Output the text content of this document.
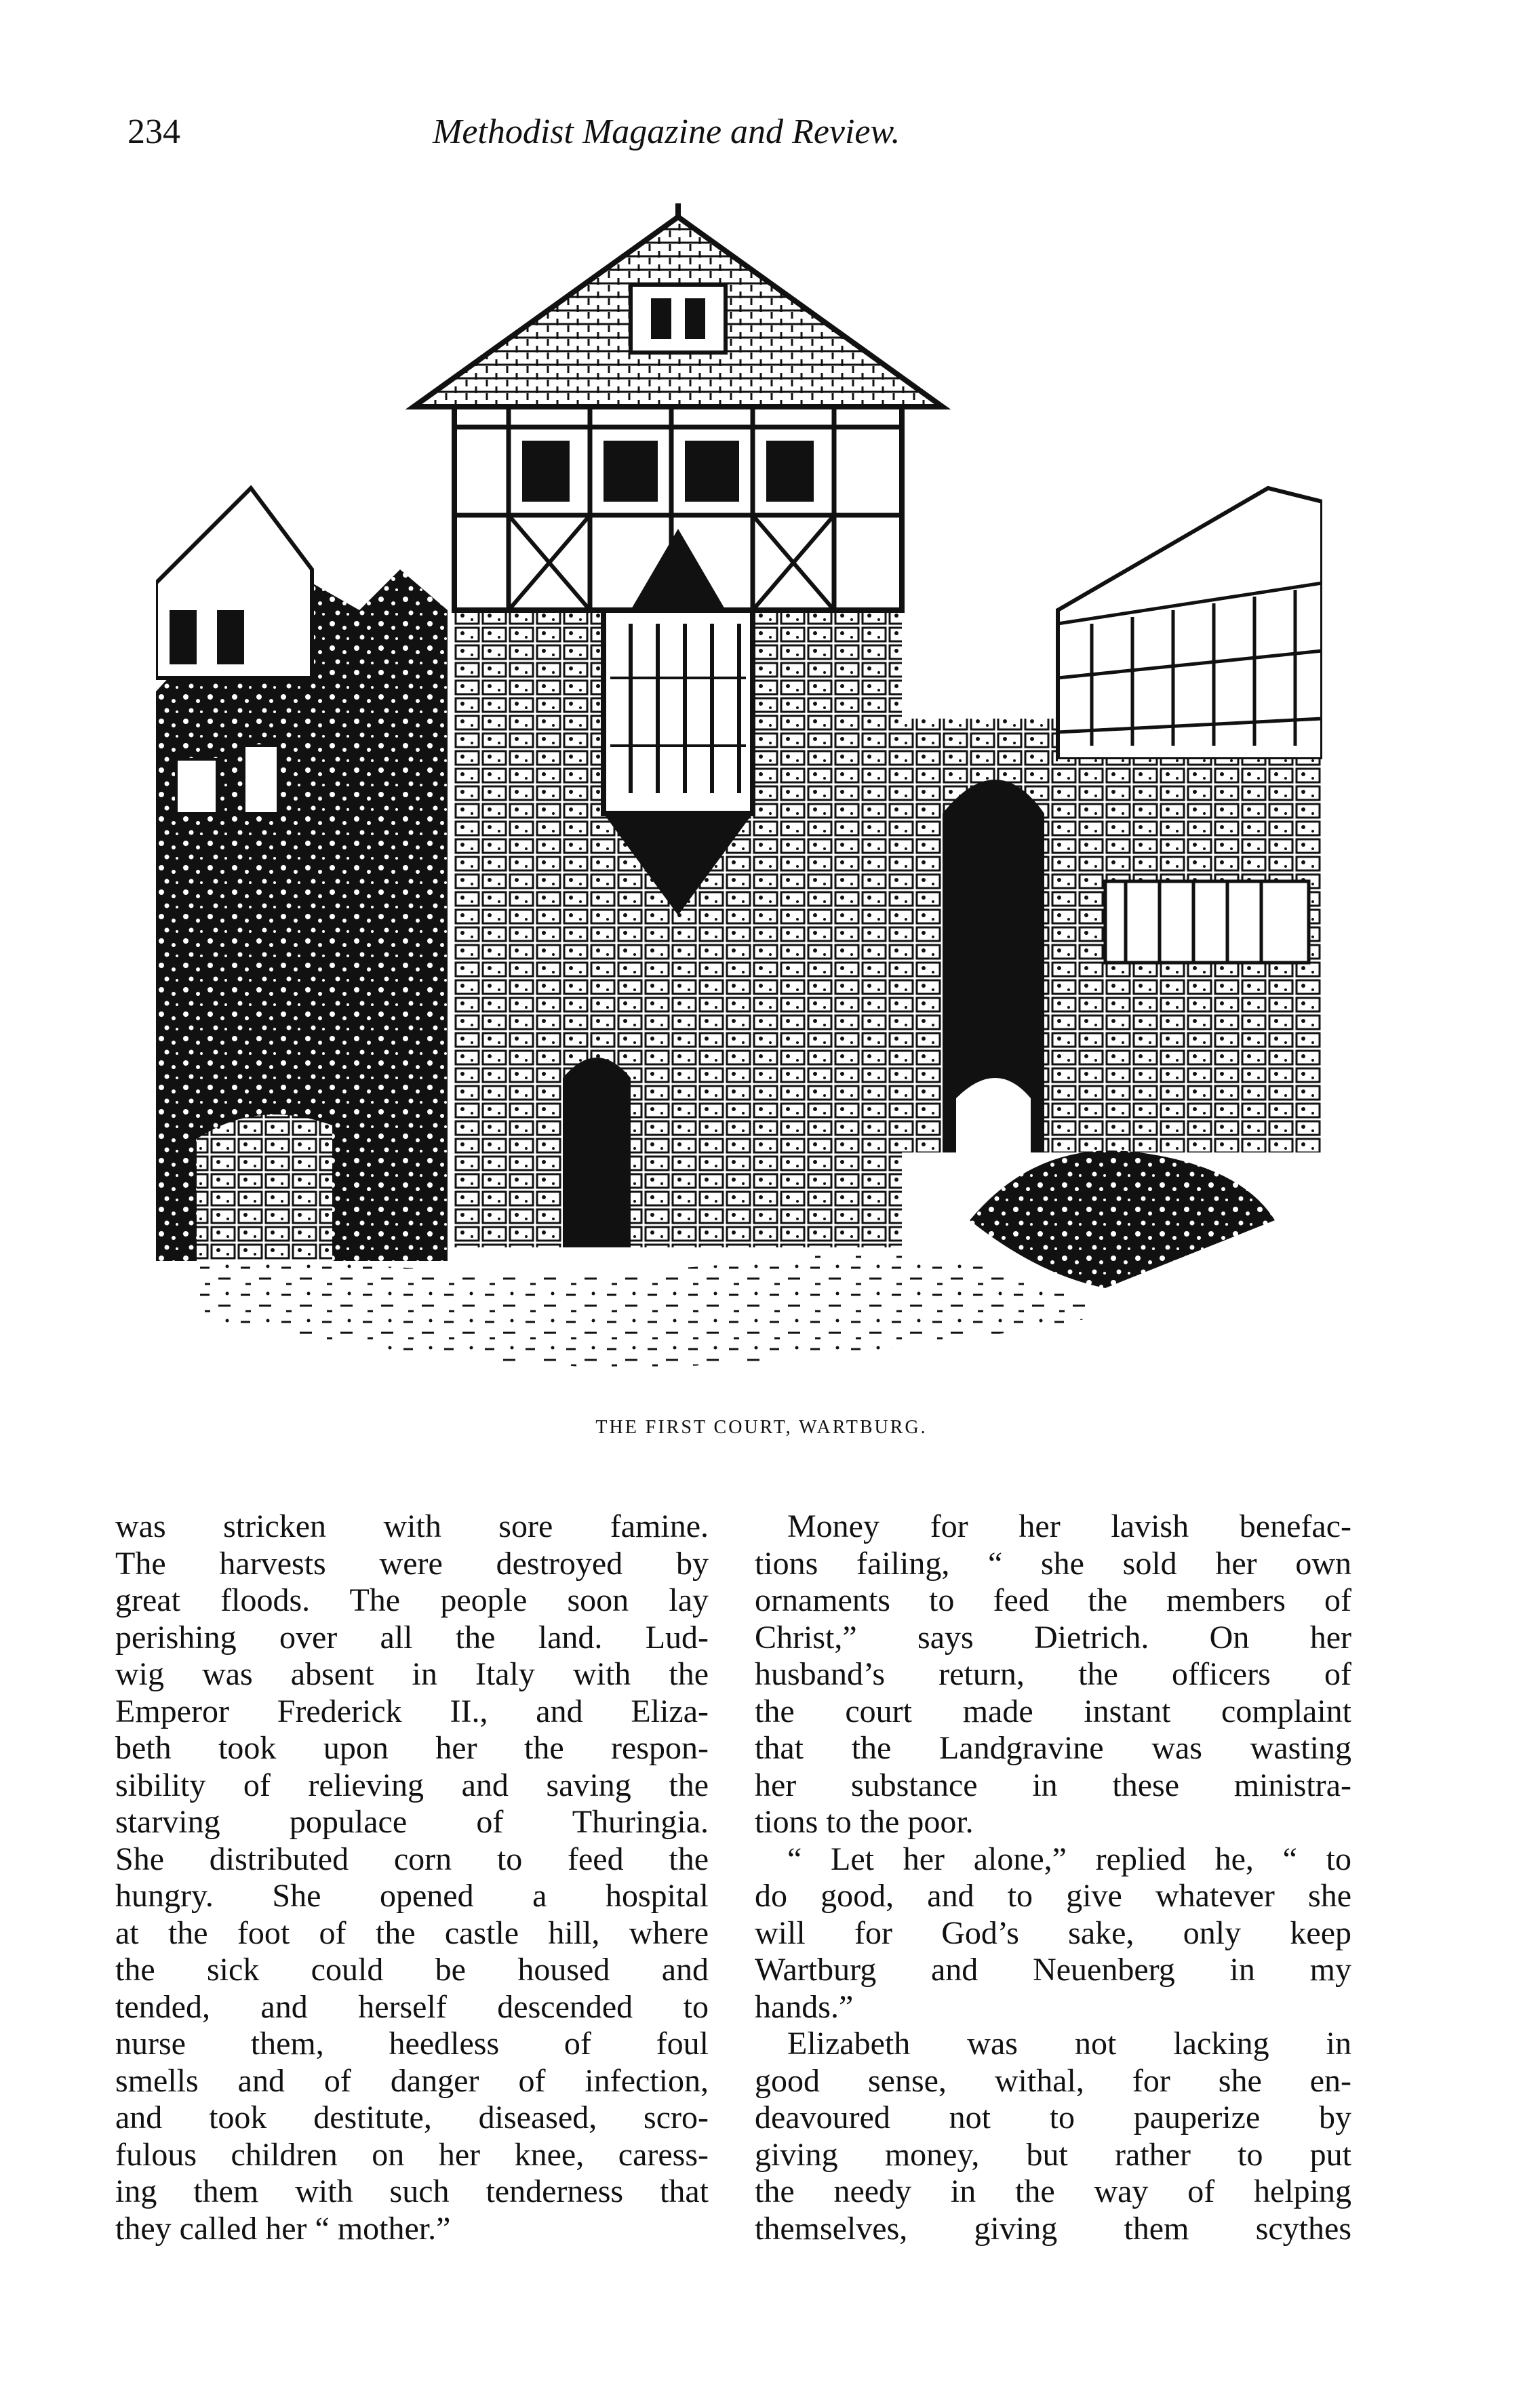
234	Methodist Magazine and Review.
THE FIRST COURT, WARTBURG.
was stricken with sore famine.
The harvests were destroyed by
great floods. The people soon lay
perishing over all the land. Lud-
wig was absent in Italy with the
Emperor Frederick II., and Eliza-
beth took upon her the respon-
sibility of relieving and saving the
starving populace of Thuringia.
She distributed corn to feed the
hungry. She opened a hospital
at the foot of the castle hill, where
the sick could be housed and
tended, and herself descended to
nurse them, heedless of foul
smells and of danger of infection,
and took destitute, diseased, scro-
fulous children on her knee, caress-
ing them with such tenderness that
they called her “ mother.”
Money for her lavish benefac-
tions failing, “ she sold her own
ornaments to feed the members of
Christ,” says Dietrich. On her
husband’s return, the officers of
the court made instant complaint
that the Landgravine was wasting
her substance in these ministra-
tions to the poor.
“ Let her alone,” replied he, “ to
do good, and to give whatever she
will for God’s sake, only keep
Wartburg and Neuenberg in my
hands.”
Elizabeth was not lacking in
good sense, withal, for she en-
deavoured not to pauperize by
giving money, but rather to put
the needy in the way of helping
themselves, giving them scythes
